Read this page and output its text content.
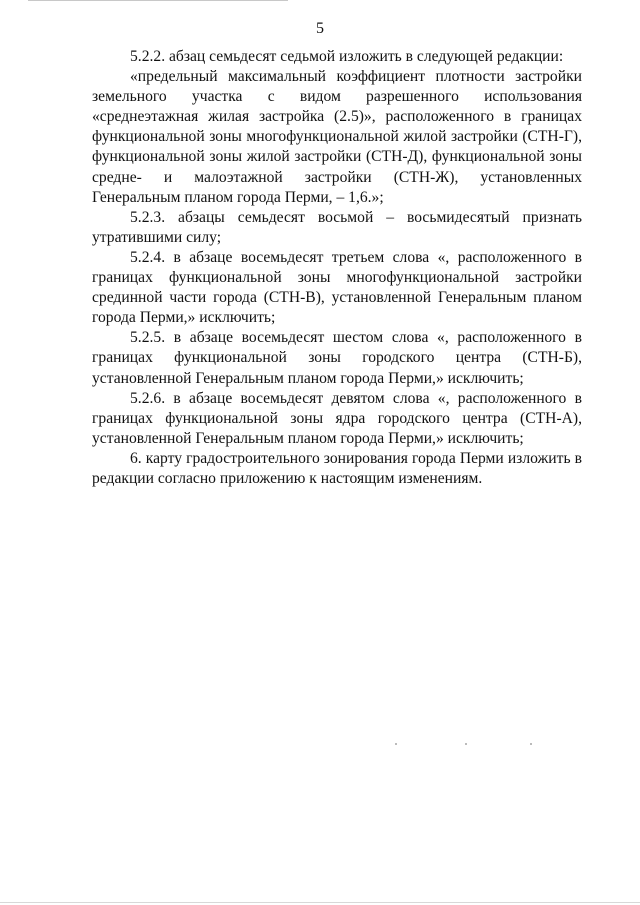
5

5.2.2. абзац семьдесят седьмой изложить в следующей редакции:

«предельный максимальный коэффициент плотности застройки земельного участка с видом разрешенного использования «среднеэтажная жилая застройка (2.5)», расположенного в границах функциональной зоны многофункциональной жилой застройки (СТН-Г), функциональной зоны жилой застройки (СТН-Д), функциональной зоны средне- и малоэтажной застройки (СТН-Ж), установленных Генеральным планом города Перми, – 1,6.»;

5.2.3. абзацы семьдесят восьмой – восьмидесятый признать утратившими силу;

5.2.4. в абзаце восемьдесят третьем слова «, расположенного в границах функциональной зоны многофункциональной застройки срединной части города (СТН-В), установленной Генеральным планом города Перми,» исключить;

5.2.5. в абзаце восемьдесят шестом слова «, расположенного в границах функциональной зоны городского центра (СТН-Б), установленной Генеральным планом города Перми,» исключить;

5.2.6. в абзаце восемьдесят девятом слова «, расположенного в границах функциональной зоны ядра городского центра (СТН-А), установленной Генеральным планом города Перми,» исключить;

6. карту градостроительного зонирования города Перми изложить в редакции согласно приложению к настоящим изменениям.
